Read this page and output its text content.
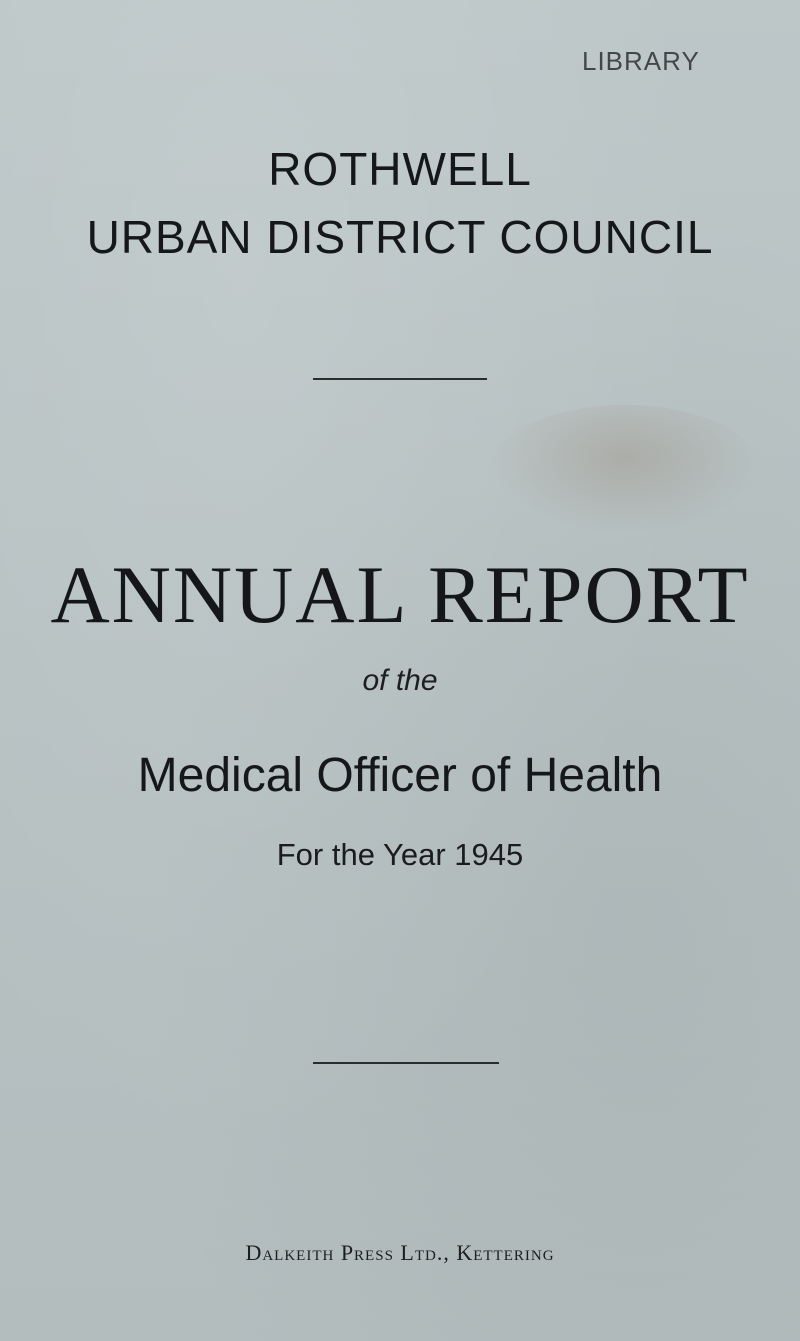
LIBRARY
ROTHWELL
URBAN DISTRICT COUNCIL
ANNUAL REPORT
of the
Medical Officer of Health
For the Year 1945
Dalkeith Press Ltd., Kettering
